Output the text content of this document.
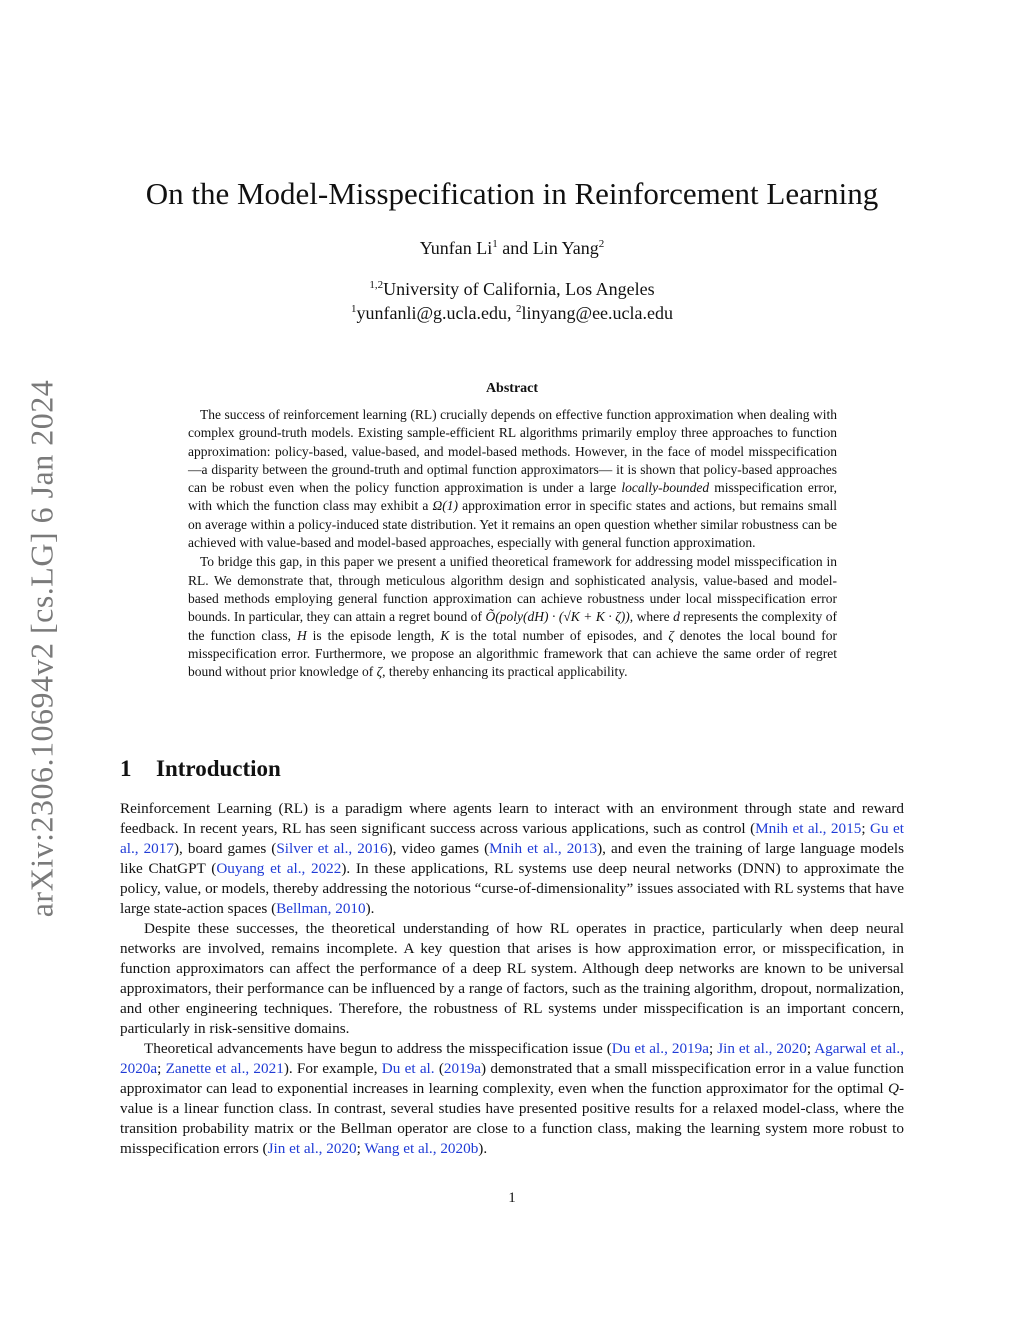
arXiv:2306.10694v2 [cs.LG] 6 Jan 2024
On the Model-Misspecification in Reinforcement Learning
Yunfan Li$^1$ and Lin Yang$^2$
$^{1,2}$University of California, Los Angeles
$^1$yunfanli@g.ucla.edu, $^2$linyang@ee.ucla.edu
Abstract

The success of reinforcement learning (RL) crucially depends on effective function approximation when dealing with complex ground-truth models. Existing sample-efficient RL algorithms primarily employ three approaches to function approximation: policy-based, value-based, and model-based methods. However, in the face of model misspecification—a disparity between the ground-truth and optimal function approximators— it is shown that policy-based approaches can be robust even when the policy function approximation is under a large locally-bounded misspecification error, with which the function class may exhibit a Ω(1) approximation error in specific states and actions, but remains small on average within a policy-induced state distribution. Yet it remains an open question whether similar robustness can be achieved with value-based and model-based approaches, especially with general function approximation.

To bridge this gap, in this paper we present a unified theoretical framework for addressing model misspecification in RL. We demonstrate that, through meticulous algorithm design and sophisticated analysis, value-based and model-based methods employing general function approximation can achieve robustness under local misspecification error bounds. In particular, they can attain a regret bound of Õ(poly(dH) · (√K + K · ζ)), where d represents the complexity of the function class, H is the episode length, K is the total number of episodes, and ζ denotes the local bound for misspecification error. Furthermore, we propose an algorithmic framework that can achieve the same order of regret bound without prior knowledge of ζ, thereby enhancing its practical applicability.

1 Introduction

Reinforcement Learning (RL) is a paradigm where agents learn to interact with an environment through state and reward feedback. In recent years, RL has seen significant success across various applications, such as control (Mnih et al., 2015; Gu et al., 2017), board games (Silver et al., 2016), video games (Mnih et al., 2013), and even the training of large language models like ChatGPT (Ouyang et al., 2022). In these applications, RL systems use deep neural networks (DNN) to approximate the policy, value, or models, thereby addressing the notorious “curse-of-dimensionality” issues associated with RL systems that have large state-action spaces (Bellman, 2010).

Despite these successes, the theoretical understanding of how RL operates in practice, particularly when deep neural networks are involved, remains incomplete. A key question that arises is how approximation error, or misspecification, in function approximators can affect the performance of a deep RL system. Although deep networks are known to be universal approximators, their performance can be influenced by a range of factors, such as the training algorithm, dropout, normalization, and other engineering techniques. Therefore, the robustness of RL systems under misspecification is an important concern, particularly in risk-sensitive domains.

Theoretical advancements have begun to address the misspecification issue (Du et al., 2019a; Jin et al., 2020; Agarwal et al., 2020a; Zanette et al., 2021). For example, Du et al. (2019a) demonstrated that a small misspecification error in a value function approximator can lead to exponential increases in learning complexity, even when the function approximator for the optimal Q-value is a linear function class. In contrast, several studies have presented positive results for a relaxed model-class, where the transition probability matrix or the Bellman operator are close to a function class, making the learning system more robust to misspecification errors (Jin et al., 2020; Wang et al., 2020b).

1
